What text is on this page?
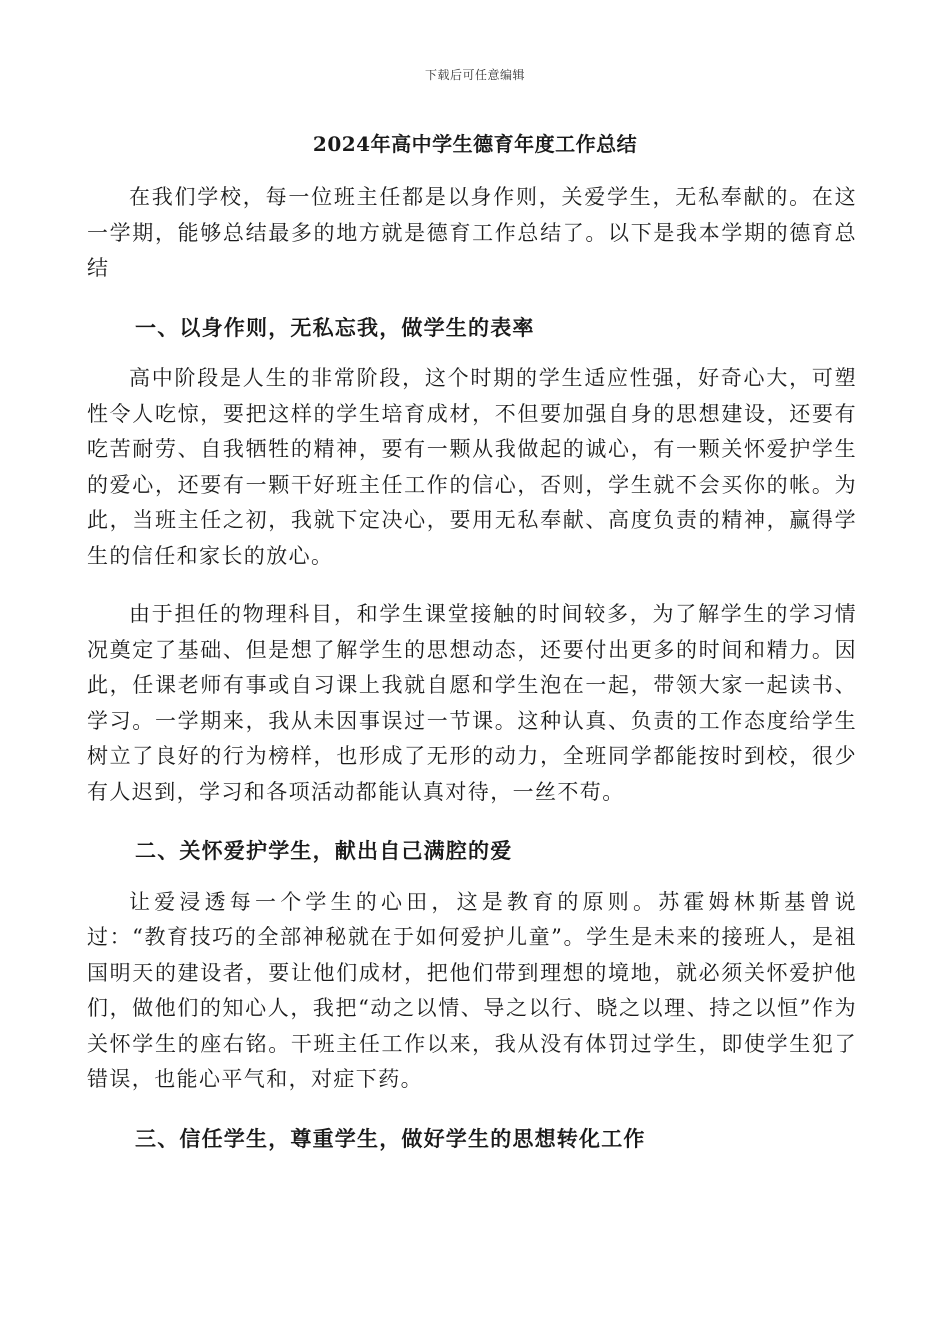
下载后可任意编辑
2024年高中学生德育年度工作总结

在我们学校，每一位班主任都是以身作则，关爱学生，无私奉献的。在这一学期，能够总结最多的地方就是德育工作总结了。以下是我本学期的德育总结

一、以身作则，无私忘我，做学生的表率

高中阶段是人生的非常阶段，这个时期的学生适应性强，好奇心大，可塑性令人吃惊，要把这样的学生培育成材，不但要加强自身的思想建设，还要有吃苦耐劳、自我牺牲的精神，要有一颗从我做起的诚心，有一颗关怀爱护学生的爱心，还要有一颗干好班主任工作的信心，否则，学生就不会买你的帐。为此，当班主任之初，我就下定决心，要用无私奉献、高度负责的精神，赢得学生的信任和家长的放心。

由于担任的物理科目，和学生课堂接触的时间较多，为了解学生的学习情况奠定了基础、但是想了解学生的思想动态，还要付出更多的时间和精力。因此，任课老师有事或自习课上我就自愿和学生泡在一起，带领大家一起读书、学习。一学期来，我从未因事误过一节课。这种认真、负责的工作态度给学生树立了良好的行为榜样，也形成了无形的动力，全班同学都能按时到校，很少有人迟到，学习和各项活动都能认真对待，一丝不苟。

二、关怀爱护学生，献出自己满腔的爱

让爱浸透每一个学生的心田，这是教育的原则。苏霍姆林斯基曾说过：“教育技巧的全部神秘就在于如何爱护儿童”。学生是未来的接班人，是祖国明天的建设者，要让他们成材，把他们带到理想的境地，就必须关怀爱护他们，做他们的知心人，我把“动之以情、导之以行、晓之以理、持之以恒”作为关怀学生的座右铭。干班主任工作以来，我从没有体罚过学生，即使学生犯了错误，也能心平气和，对症下药。

三、信任学生，尊重学生，做好学生的思想转化工作
